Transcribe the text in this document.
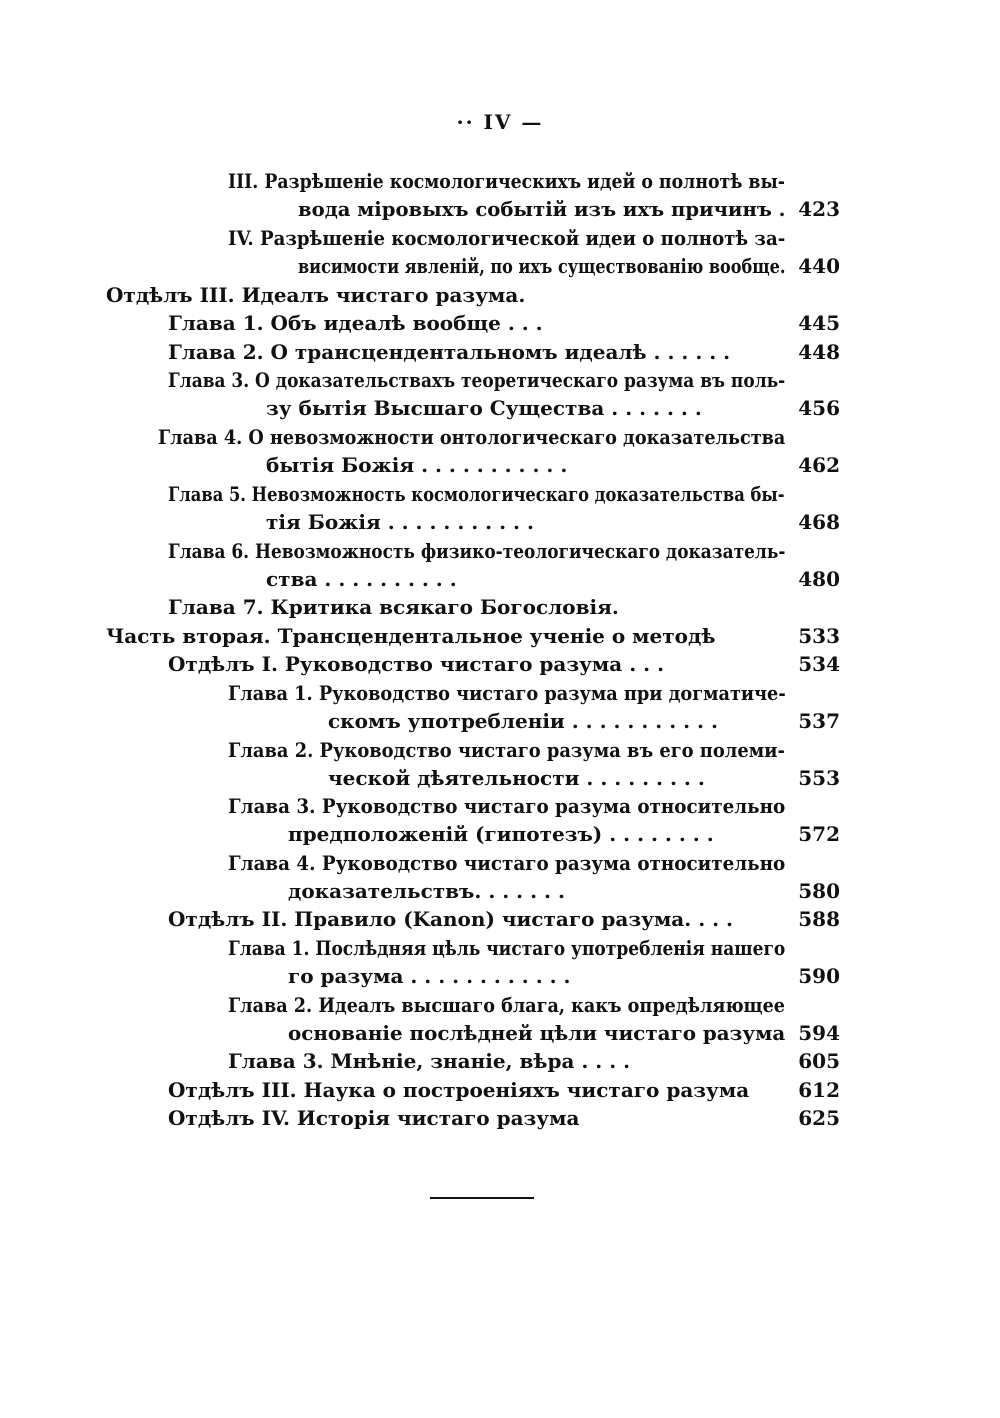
·· IV —
III. Разрѣшеніе космологическихъ идей о полнотѣ вы-
вода міровыхъ событій изъ ихъ причинъ . 423
IV. Разрѣшеніе космологической идеи о полнотѣ за-
висимости явленій, по ихъ существованію вообще. 440
Отдѣлъ III. Идеалъ чистаго разума.
Глава 1. Объ идеалѣ вообще . . .	445
Глава 2. О трансцендентальномъ идеалѣ . . . . . .	448
Глава 3. О доказательствахъ теоретическаго разума въ поль-
зу бытія Высшаго Существа . . . . . . .	456
Глава 4. О невозможности онтологическаго доказательства
бытія Божія . . . . . . . . . . .	462
Глава 5. Невозможность космологическаго доказательства бы-
тія Божія . . . . . . . . . . .	468
Глава 6. Невозможность физико-теологическаго доказатель-
ства . . . . . . . . . .	480
Глава 7. Критика всякаго Богословія.
Часть вторая. Трансцендентальное ученіе о методѣ	533
Отдѣлъ I. Руководство чистаго разума . . .	534
Глава 1. Руководство чистаго разума при догматиче-
скомъ употребленіи . . . . . . . . . . .	537
Глава 2. Руководство чистаго разума въ его полеми-
ческой дѣятельности . . . . . . . . .	553
Глава 3. Руководство чистаго разума относительно
предположеній (гипотезъ) . . . . . . . .	572
Глава 4. Руководство чистаго разума относительно
доказательствъ. . . . . . .	580
Отдѣлъ II. Правило (Kanon) чистаго разума. . . .	588
Глава 1. Послѣдняя цѣль чистаго употребленія нашего
го разума . . . . . . . . . . . .	590
Глава 2. Идеалъ высшаго блага, какъ опредѣляющее
основаніе послѣдней цѣли чистаго разума 594
Глава 3. Мнѣніе, знаніе, вѣра . . . .	605
Отдѣлъ III. Наука о построеніяхъ чистаго разума	612
Отдѣлъ IV. Исторія чистаго разума	625
